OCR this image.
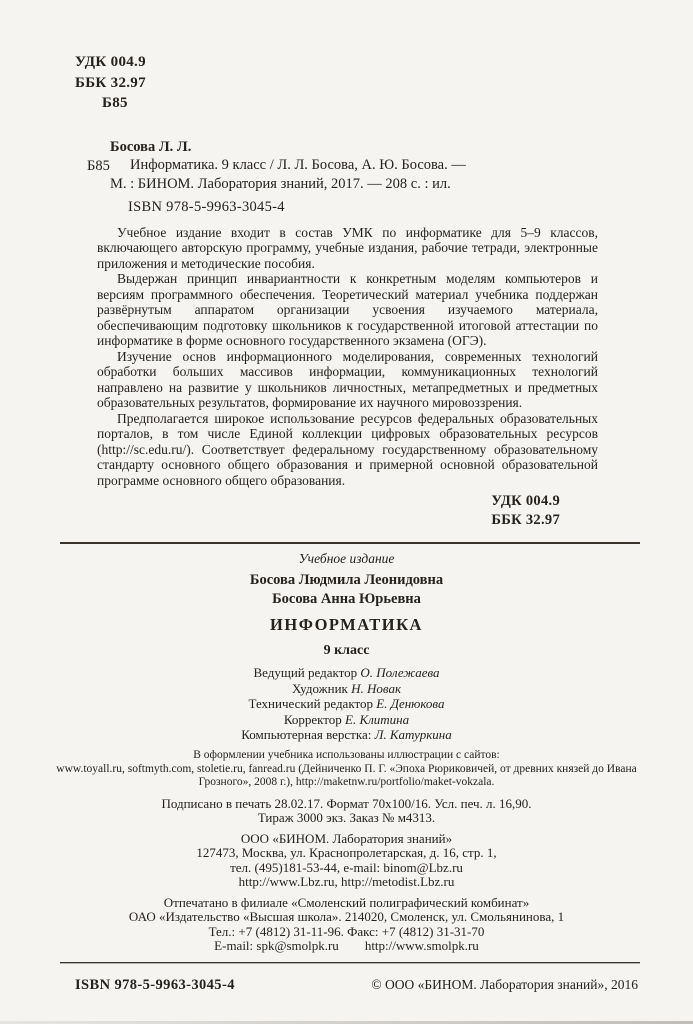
УДК 004.9
ББК 32.97
Б85
Б85
Босова Л. Л.
Информатика. 9 класс / Л. Л. Босова, А. Ю. Босова. —
М. : БИНОМ. Лаборатория знаний, 2017. — 208 с. : ил.
ISBN 978-5-9963-3045-4

Учебное издание входит в состав УМК по информатике для 5–9 классов, включающего авторскую программу, учебные издания, рабочие тетради, электронные приложения и методические пособия.

Выдержан принцип инвариантности к конкретным моделям компьютеров и версиям программного обеспечения. Теоретический материал учебника поддержан развёрнутым аппаратом организации усвоения изучаемого материала, обеспечивающим подготовку школьников к государственной итоговой аттестации по информатике в форме основного государственного экзамена (ОГЭ).

Изучение основ информационного моделирования, современных технологий обработки больших массивов информации, коммуникационных технологий направлено на развитие у школьников личностных, метапредметных и предметных образовательных результатов, формирование их научного мировоззрения.

Предполагается широкое использование ресурсов федеральных образовательных порталов, в том числе Единой коллекции цифровых образовательных ресурсов (http://sc.edu.ru/). Соответствует федеральному государственному образовательному стандарту основного общего образования и примерной основной образовательной программе основного общего образования.

УДК 004.9
ББК 32.97
Учебное издание
Босова Людмила Леонидовна
Босова Анна Юрьевна
ИНФОРМАТИКА
9 класс
Ведущий редактор О. Полежаева
Художник Н. Новак
Технический редактор Е. Денюкова
Корректор Е. Клитина
Компьютерная верстка: Л. Катуркина
В оформлении учебника использованы иллюстрации с сайтов:
www.toyall.ru, softmyth.com, stoletie.ru, fanread.ru (Дейниченко П. Г. «Эпоха Рюриковичей, от древних князей до Ивана Грозного», 2008 г.), http://maketnw.ru/portfolio/maket-vokzala.
Подписано в печать 28.02.17. Формат 70х100/16. Усл. печ. л. 16,90.
Тираж 3000 экз. Заказ № м4313.
ООО «БИНОМ. Лаборатория знаний»
127473, Москва, ул. Краснопролетарская, д. 16, стр. 1,
тел. (495)181-53-44, e-mail: binom@Lbz.ru
http://www.Lbz.ru, http://metodist.Lbz.ru
Отпечатано в филиале «Смоленский полиграфический комбинат»
ОАО «Издательство «Высшая школа». 214020, Смоленск, ул. Смольянинова, 1
Тел.: +7 (4812) 31-11-96. Факс: +7 (4812) 31-31-70
E-mail: spk@smolpk.ru http://www.smolpk.ru
ISBN 978-5-9963-3045-4	© ООО «БИНОМ. Лаборатория знаний», 2016
